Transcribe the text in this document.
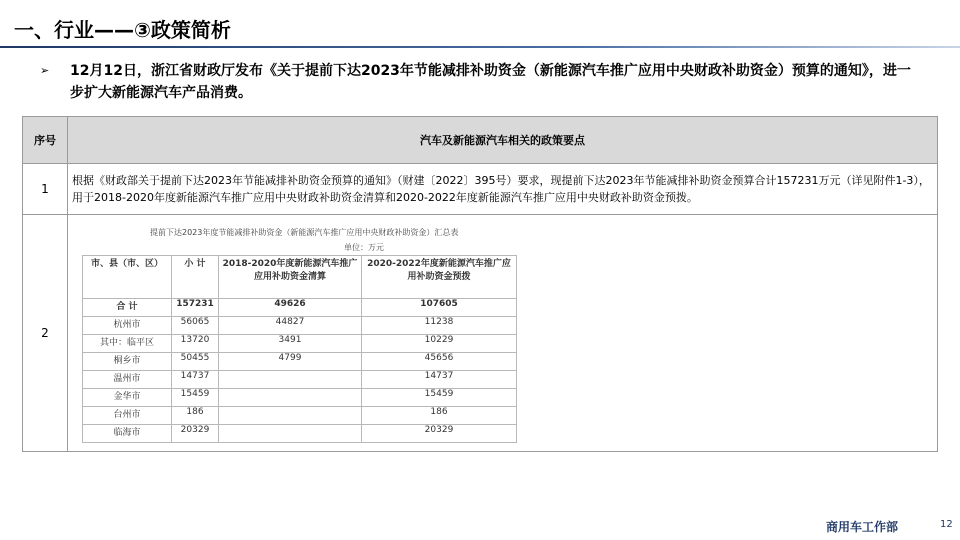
一、行业——③政策简析
➢ 12月12日，浙江省财政厅发布《关于提前下达2023年节能减排补助资金（新能源汽车推广应用中央财政补助资金）预算的通知》，进一步扩大新能源汽车产品消费。
序号	汽车及新能源汽车相关的政策要点
1	根据《财政部关于提前下达2023年节能减排补助资金预算的通知》（财建〔2022〕395号）要求，现提前下达2023年节能减排补助资金预算合计157231万元（详见附件1-3），用于2018-2020年度新能源汽车推广应用中央财政补助资金清算和2020-2022年度新能源汽车推广应用中央财政补助资金预拨。
2	
提前下达2023年度节能减排补助资金（新能源汽车推广应用中央财政补助资金）汇总表
单位：万元
市、县（市、区）	小 计	2018-2020年度新能源汽车推广应用补助资金清算	2020-2022年度新能源汽车推广应用补助资金预拨
合 计	157231	49626	107605
杭州市	56065	44827	11238
其中：临平区	13720	3491	10229
桐乡市	50455	4799	45656
温州市	14737		14737
金华市	15459		15459
台州市	186		186
临海市	20329		20329
商用车工作部	12
